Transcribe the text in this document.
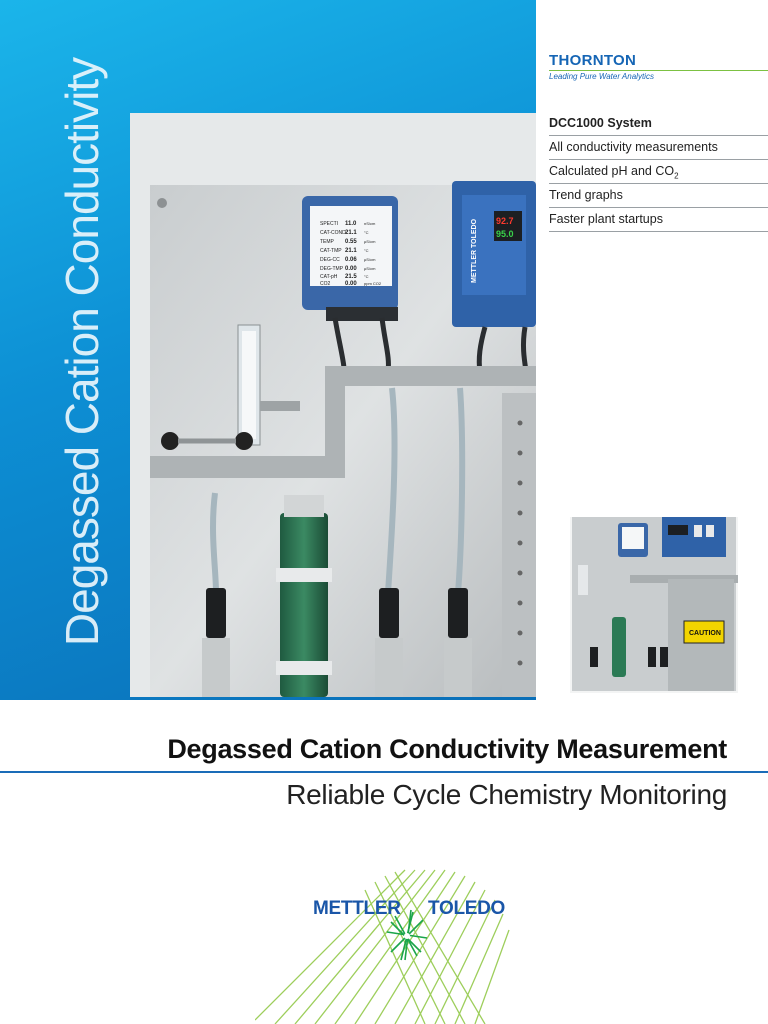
Degassed Cation Conductivity	SPECTI 11.0 nS/cm
CAT-COND 21.1 °C
TEMP 0.55 µS/cm
CAT-TMP 21.1 °C
DEG-CC 0.06 µS/cm
DEG-TMP 0.00 µS/cm
CAT-pH 21.5 °C
CO2 0.00 ppm CO2
METTLER TOLEDO 92.7
95.0
THORNTON
Leading Pure Water Analytics
DCC1000 System
All conductivity measurements
Calculated pH and $CO_2$
Trend graphs
Faster plant startups
CAUTION
Degassed Cation Conductivity Measurement
Reliable Cycle Chemistry Monitoring
METTLER TOLEDO
